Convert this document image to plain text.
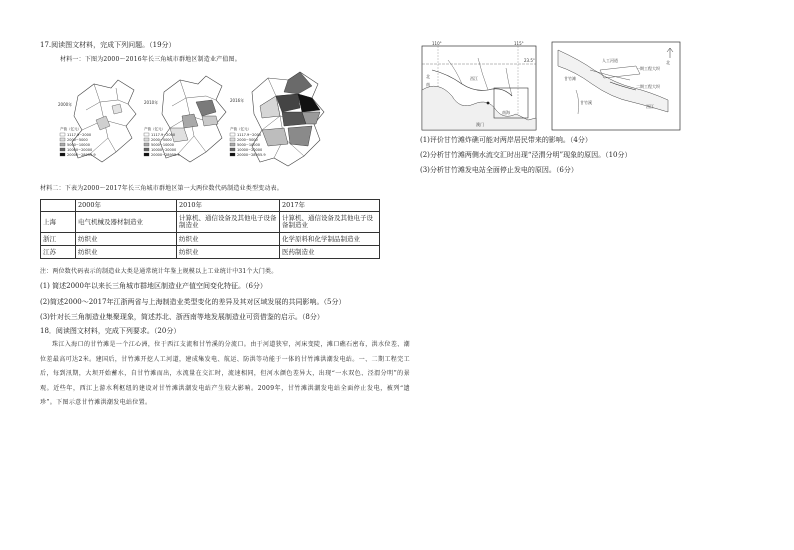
17.阅读图文材料，完成下列问题。（19分）
材料一：下图为2000～2016年长三角城市群地区制造业产值图。
2000年	2010年	2016年
产值（亿元）
1117.9~2000
2000~5000
5000~10000
10000~20000
20000~28955.9
产值（亿元）
1117.9~2000
2000~5000
5000~10000
10000~20000
20000~28955.9
产值（亿元）
1117.9~2000
2000~5000
5000~10000
10000~20000
20000~28955.9
材料二：下表为2000～2017年长三角城市群地区第一大两位数代码制造业类型变动表。
	2000年	2010年	2017年
上海	电气机械及器材制造业	计算机、通信设备及其他电子设备制造业	计算机、通信设备及其他电子设备制造业
浙江	纺织业	纺织业	化学原料和化学制品制造业
江苏	纺织业	纺织业	医药制造业
注：两位数代码表示的制造业大类是通常统计年鉴上规模以上工业统计中31个大门类。
(1) 简述2000年以来长三角城市群地区制造业产值空间变化特征。（6分）
(2)简述2000～2017年江浙两省与上海制造业类型变化的差异及其对区域发展的共同影响。（5分）
(3)针对长三角制造业集聚现象，简述苏北、浙西南等地发展制造业可资借鉴的启示。（8分）
18．阅读图文材料，完成下列要求。（20分）
珠江入海口的甘竹滩是一个江心洲，位于西江支流和甘竹溪的分流口。由于河道狭窄，河床变陡，滩口礁石密布，洪水位差、潮位差最高可达2米。建国后，甘竹滩开挖人工河道，建成集发电、航运、防洪等功能于一体的甘竹滩洪潮发电站。一、二期工程完工后，每到汛期，大坝开始蓄水，自甘竹滩而出，水流量在交汇时，流速相同，但河水颜色差异大，出现“一水双色、泾渭分明”的景观。近些年，西江上游水利枢纽的建设对甘竹滩洪潮发电站产生较大影响。2009年，甘竹滩洪潮发电站全面停止发电，被列“遗珍”。下图示意甘竹滩洪潮发电站位置。
110°	115°
23.5°
北
南
西江
南海
澳门
北
甘竹滩
人工河道
甘竹溪
一期工程大坝
二期工程大坝
西江
(1)评价甘竹滩炸礁可能对两岸居民带来的影响。（4分）
(2)分析甘竹滩两侧水流交汇时出现“泾渭分明”现象的原因。（10分）
(3)分析甘竹滩发电站全面停止发电的原因。（6分）
